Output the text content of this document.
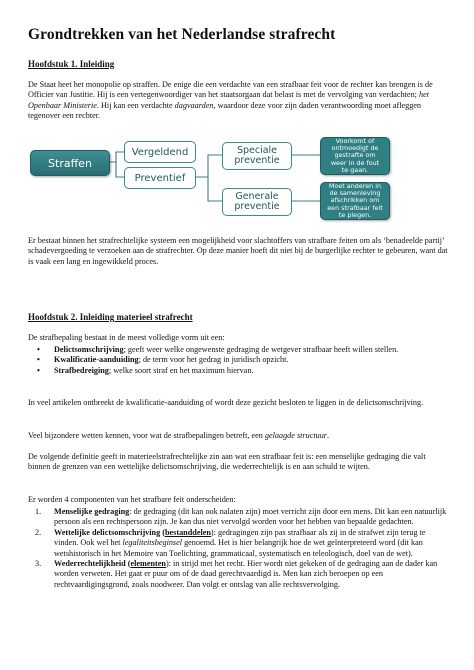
Grondtrekken van het Nederlandse strafrecht
Hoofdstuk 1. Inleiding

De Staat heet het monopolie op straffen. De enige die een verdachte van een strafbaar feit voor de rechter kan brengen is de Officier van Justitie. Hij is een vertegenwoordiger van het staatsorgaan dat belast is met de vervolging van verdachten; het Openbaar Ministerie. Hij kan een verdachte dagvaarden, waardoor deze voor zijn daden verantwoording moet afleggen tegenover een rechter.

Straffen
Vergeldend
Preventief
Speciale
preventie
Generale
preventie
Voorkomt of
ontmoedigt de
gestrafte om
weer in de fout
te gaan.
Moet anderen in
de samenleving
afschrikken om
een strafbaar feit
te plegen.

Er bestaat binnen het strafrechtelijke systeem een mogelijkheid voor slachtoffers van strafbare feiten om als ‘benadeelde partij’ schadevergoeding te verzoeken aan de strafrechter. Op deze manier hoeft dit niet bij de burgerlijke rechter te gebeuren, want dat is vaak een lang en ingewikkeld proces.

Hoofdstuk 2. Inleiding materieel strafrecht

De strafbepaling bestaat in de meest volledige vorm uit een:

• Delictsomschrijving; geeft weer welke ongewenste gedraging de wetgever strafbaar heeft willen stellen.
• Kwalificatie-aanduiding; de term voor het gedrag in juridisch opzicht.
• Strafbedreiging; welke soort straf en het maximum hiervan.

In veel artikelen ontbreekt de kwalificatie-aanduiding of wordt deze gezicht besloten te liggen in de delictsomschrijving.

Veel bijzondere wetten kennen, voor wat de strafbepalingen betreft, een gelaagde structuur.

De volgende definitie geeft in materieelstrafrechtelijke zin aan wat een strafbaar feit is: een menselijke gedraging die valt binnen de grenzen van een wettelijke delictsomschrijving, die wederrechtelijk is en aan schuld te wijten.

Er worden 4 componenten van het strafbare feit onderscheiden:

1. Menselijke gedraging: de gedraging (dit kan ook nalaten zijn) moet verricht zijn door een mens. Dit kan een natuurlijk persoon als een rechtspersoon zijn. Je kan dus niet vervolgd worden voor het hebben van bepaalde gedachten.
2. Wettelijke delictsomschrijving (bestanddelen): gedragingen zijn pas strafbaar als zij in de strafwet zijn terug te vinden. Ook wel het legaliteitsbeginsel genoemd. Het is hier belangrijk hoe de wet geïnterpreteerd word (dit kan wetshistorisch in het Memoire van Toelichting, grammaticaal, systematisch en teleologisch, doel van de wet).
3. Wederrechtelijkheid (elementen): in strijd met het recht. Hier wordt niet gekeken of de gedraging aan de dader kan worden verweten. Het gaat er puur om of de daad gerechtvaardigd is. Men kan zich beroepen op een rechtvaardigingsgrond, zoals noodweer. Dan volgt er ontslag van alle rechtsvervolging.
